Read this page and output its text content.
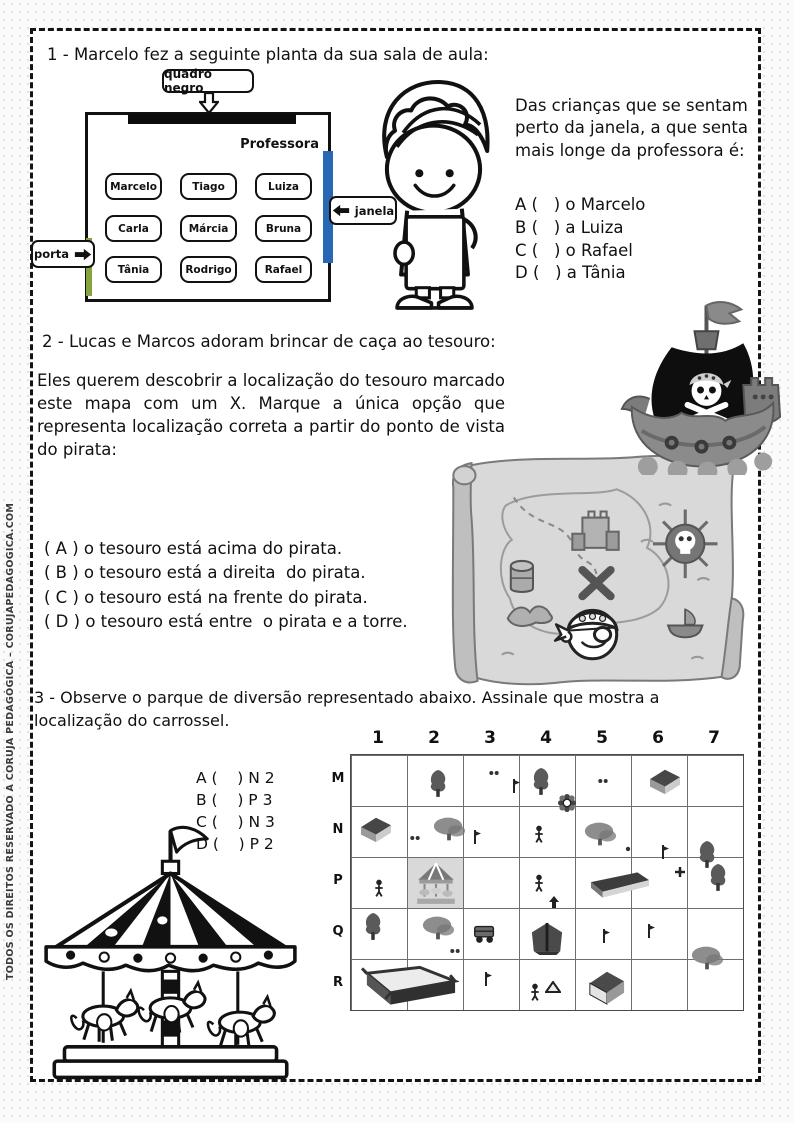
TODOS OS DIREITOS RESERVADO A CORUJA PEDAGÓGICA – CORUJAPEDAGOGICA.COM
1 - Marcelo fez a seguinte planta da sua sala de aula:
quadro negro
Professora
Marcelo	Tiago	Luiza
Carla	Márcia	Bruna
Tânia	Rodrigo	Rafael
porta
janela
Das crianças que se sentam perto da janela, a que senta mais longe da professora é:
A (   ) o Marcelo
B (   ) a Luiza
C (   ) o Rafael
D (   ) a Tânia
2 - Lucas e Marcos adoram brincar de caça ao tesouro:
Eles querem descobrir a localização do tesouro marcado este mapa com um X. Marque a única opção que representa localização correta a partir do ponto de vista do pirata:
( A ) o tesouro está acima do pirata.
( B ) o tesouro está a direita  do pirata.
( C ) o tesouro está na frente do pirata.
( D ) o tesouro está entre  o pirata e a torre.
3 - Observe o parque de diversão representado abaixo. Assinale que mostra a localização do carrossel.
A (    ) N 2
B (    ) P 3
C (    ) N 3
D (    ) P 2
1	2	3	4	5	6	7
M
N
P
Q
R
